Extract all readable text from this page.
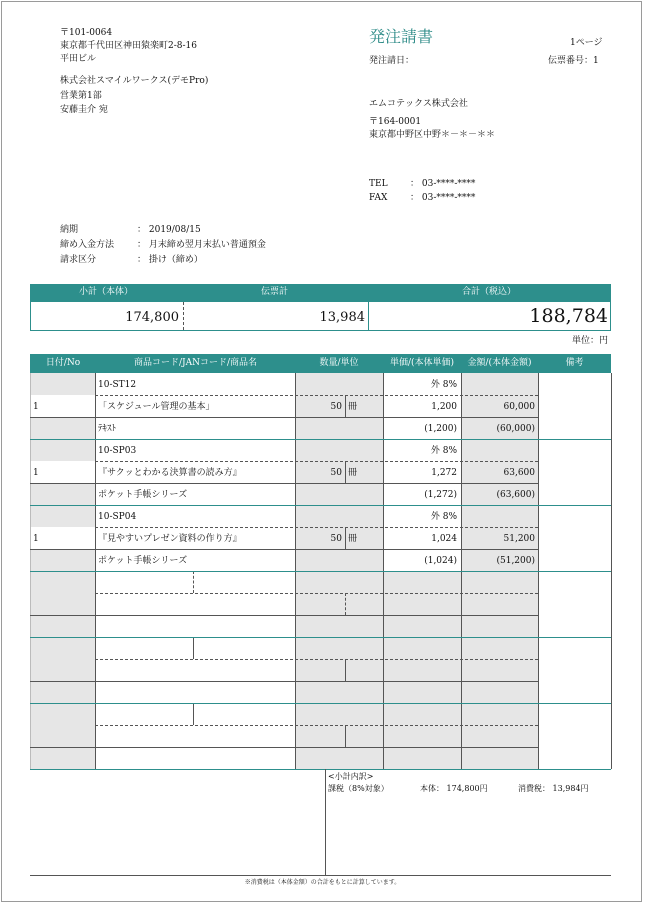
〒101-0064
東京都千代田区神田猿楽町2-8-16
平田ビル
株式会社スマイルワークス(デモPro)
営業第1部
安藤圭介 宛
発注請書	1ページ
発注請日：	伝票番号：1
エムコテックス株式会社
〒164-0001
東京都中野区中野＊－＊－＊＊
TEL ： 03-****-****
FAX	： 03-****-****
納期	： 2019/08/15
締め入金方法	： 月末締め翌月末払い普通預金
請求区分	： 掛け（締め）
小計（本体）	伝票計	合計（税込）
174,800	13,984	188,784
単位：円
日付/No	商品コード/JANコード/商品名	数量/単位	単価/(本体単価)	金額/(本体金額)	備考
10-ST12	外 8%
1	「スケジュール管理の基本」	50 冊	1,200	60,000
ﾃｷｽﾄ	(1,200)	(60,000)
10-SP03	外 8%
1	『サクッとわかる決算書の読み方』	50 冊	1,272	63,600
ポケット手帳シリーズ	(1,272)	(63,600)
10-SP04	外 8%
1	『見やすいプレゼン資料の作り方』	50 冊	1,024	51,200
ポケット手帳シリーズ	(1,024)	(51,200)
<小計内訳>
課税（8%対象）	本体： 174,800円	消費税： 13,984円
※消費税は（本体金額）の合計をもとに計算しています。
